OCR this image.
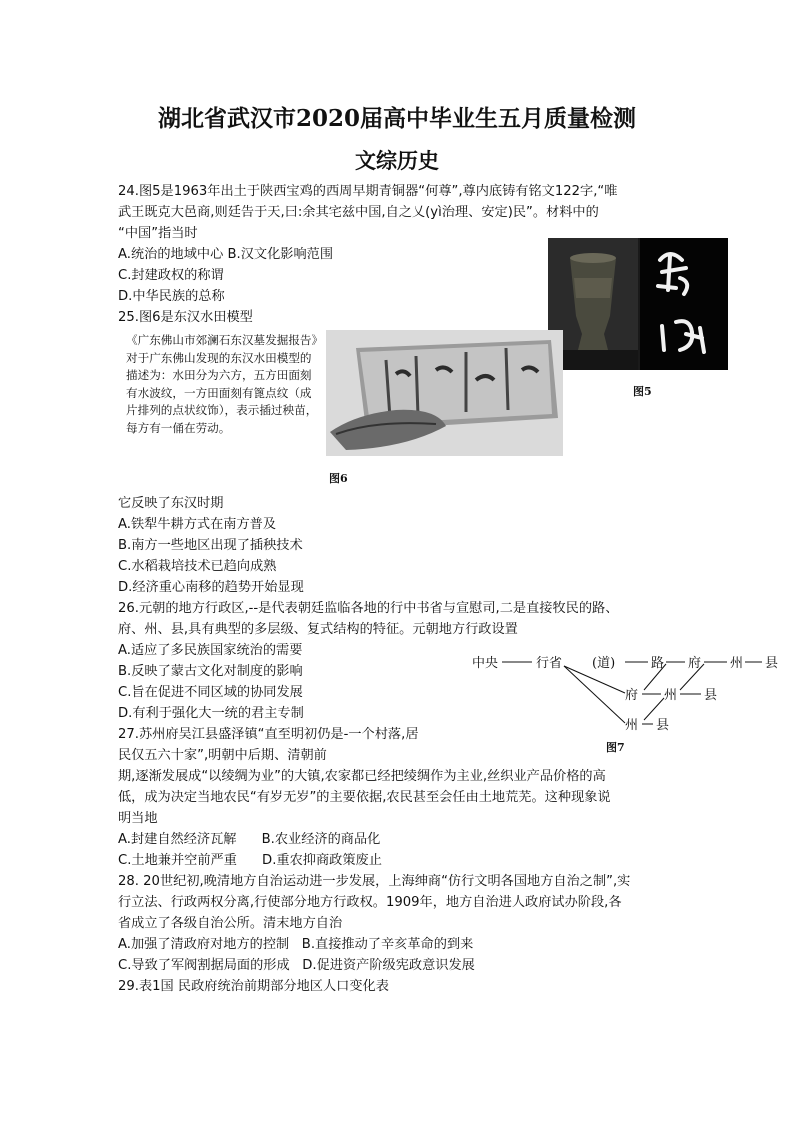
湖北省武汉市2020届高中毕业生五月质量检测
文综历史
24.图5是1963年出土于陕西宝鸡的西周早期青铜器“何尊”,尊内底铸有铭文122字,“唯
武王既克大邑商,则廷告于天,曰:余其宅兹中国,自之乂(yì治理、安定)民”。材料中的
“中国”指当时
A.统治的地域中心 B.汉文化影响范围
C.封建政权的称谓
D.中华民族的总称
图5
25.图6是东汉水田模型
《广东佛山市郊澜石东汉墓发掘报告》对于广东佛山发现的东汉水田模型的描述为：水田分为六方，五方田面刻有水波纹，一方田面刻有篦点纹（成片排列的点状纹饰），表示插过秧苗，每方有一俑在劳动。
图6
它反映了东汉时期
A.铁犁牛耕方式在南方普及
B.南方一些地区出现了插秧技术
C.水稻栽培技术已趋向成熟
D.经济重心南移的趋势开始显现
26.元朝的地方行政区,--是代表朝廷监临各地的行中书省与宣慰司,二是直接牧民的路、
府、州、县,具有典型的多层级、复式结构的特征。元朝地方行政设置
A.适应了多民族国家统治的需要
B.反映了蒙古文化对制度的影响
C.旨在促进不同区域的协同发展
D.有利于强化大一统的君主专制
中央	行省 (道)	路 府 州 县
府 州 县
州 县
图7
27.苏州府吴江县盛泽镇“直至明初仍是-一个村落,居
民仅五六十家”,明朝中后期、清朝前
期,逐渐发展成“以绫绸为业”的大镇,农家都已经把绫绸作为主业,丝织业产品价格的高
低，成为决定当地农民“有岁无岁”的主要依据,农民甚至会任由土地荒芜。这种现象说
明当地
A.封建自然经济瓦解      B.农业经济的商品化
C.土地兼并空前严重      D.重农抑商政策废止
28. 20世纪初,晚清地方自治运动进一步发展，上海绅商“仿行文明各国地方自治之制”,实
行立法、行政两权分离,行使部分地方行政权。1909年，地方自治进人政府试办阶段,各
省成立了各级自治公所。清末地方自治
A.加强了清政府对地方的控制   B.直接推动了辛亥革命的到来
C.导致了军阀割据局面的形成   D.促进资产阶级宪政意识发展
29.表1国 民政府统治前期部分地区人口变化表
